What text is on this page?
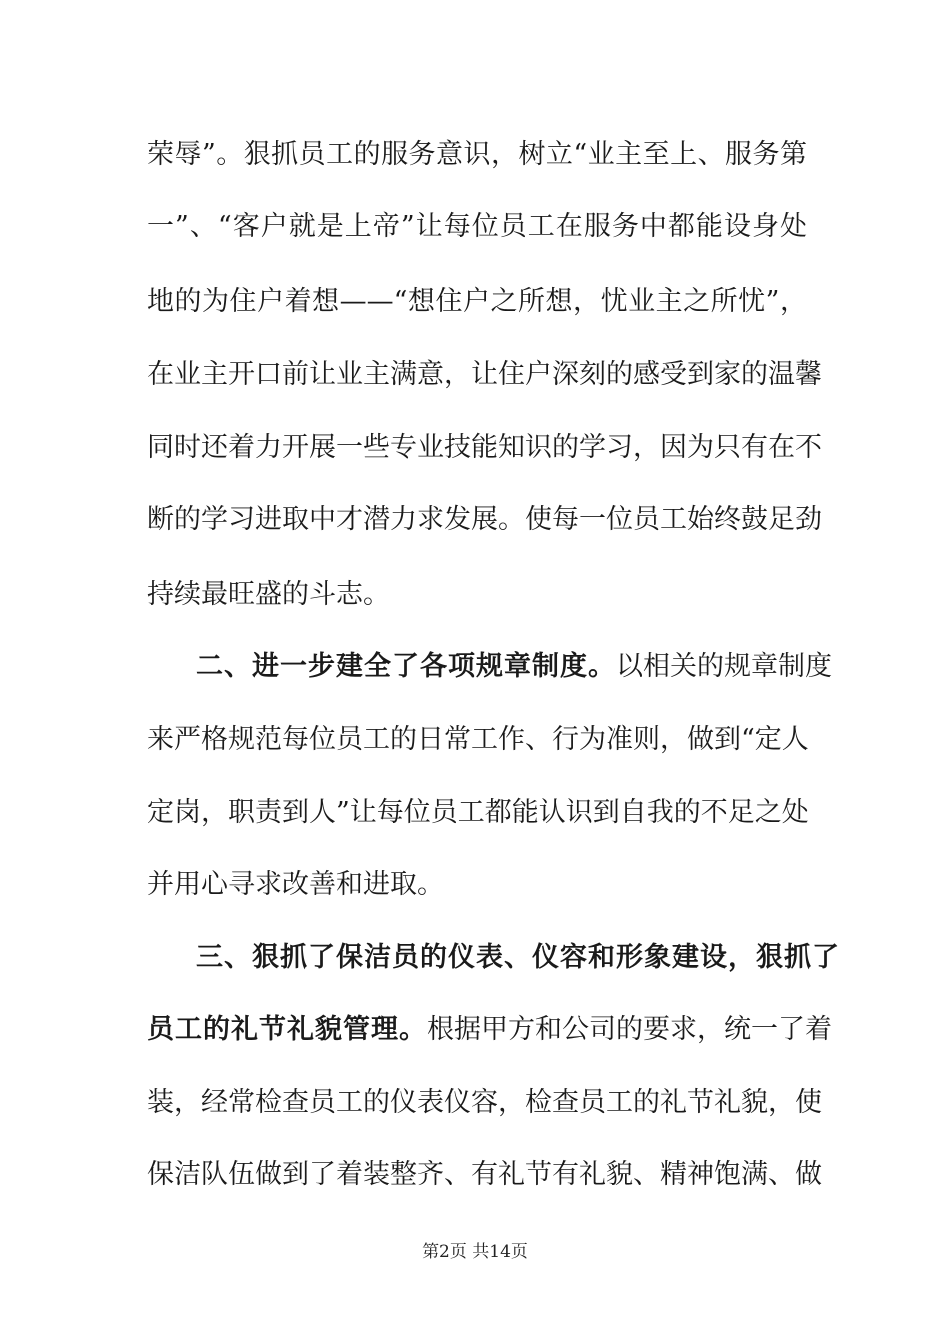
荣辱”。狠抓员工的服务意识，树立“业主至上、服务第
一”、“客户就是上帝”让每位员工在服务中都能设身处
地的为住户着想——“想住户之所想，忧业主之所忧”，
在业主开口前让业主满意，让住户深刻的感受到家的温馨
同时还着力开展一些专业技能知识的学习，因为只有在不
断的学习进取中才潜力求发展。使每一位员工始终鼓足劲
持续最旺盛的斗志。
二、进一步建全了各项规章制度。以相关的规章制度
来严格规范每位员工的日常工作、行为准则，做到“定人
定岗，职责到人”让每位员工都能认识到自我的不足之处
并用心寻求改善和进取。
三、狠抓了保洁员的仪表、仪容和形象建设，狠抓了
员工的礼节礼貌管理。根据甲方和公司的要求，统一了着
装，经常检查员工的仪表仪容，检查员工的礼节礼貌，使
保洁队伍做到了着装整齐、有礼节有礼貌、精神饱满、做
第2页 共14页
